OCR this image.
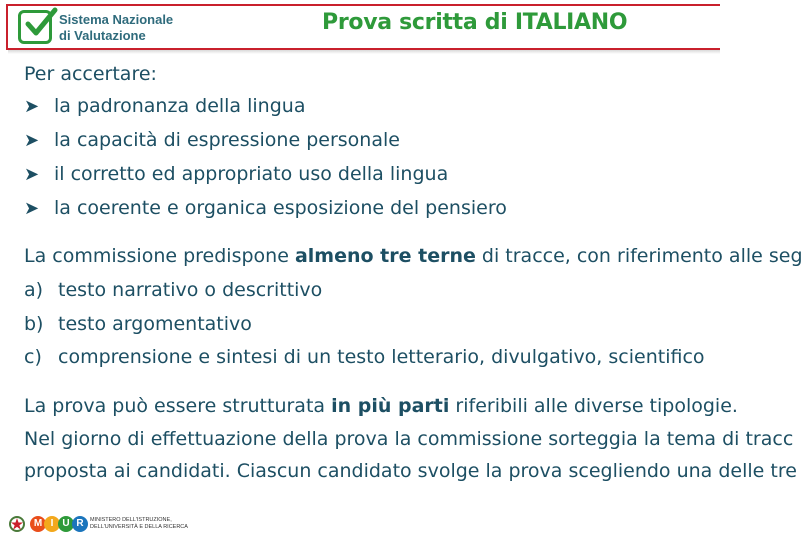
Sistema Nazionale
di Valutazione
Prova scritta di ITALIANO
Per accertare:
➤ la padronanza della lingua
➤ la capacità di espressione personale
➤ il corretto ed appropriato uso della lingua
➤ la coerente e organica esposizione del pensiero
La commissione predispone almeno tre terne di tracce, con riferimento alle seg
a) testo narrativo o descrittivo
b) testo argomentativo
c) comprensione e sintesi di un testo letterario, divulgativo, scientifico
La prova può essere strutturata in più parti riferibili alle diverse tipologie.
Nel giorno di effettuazione della prova la commissione sorteggia la tema di tracc
proposta ai candidati. Ciascun candidato svolge la prova scegliendo una delle tre
M I U R	MINISTERO DELL'ISTRUZIONE,
DELL'UNIVERSITÀ E DELLA RICERCA
